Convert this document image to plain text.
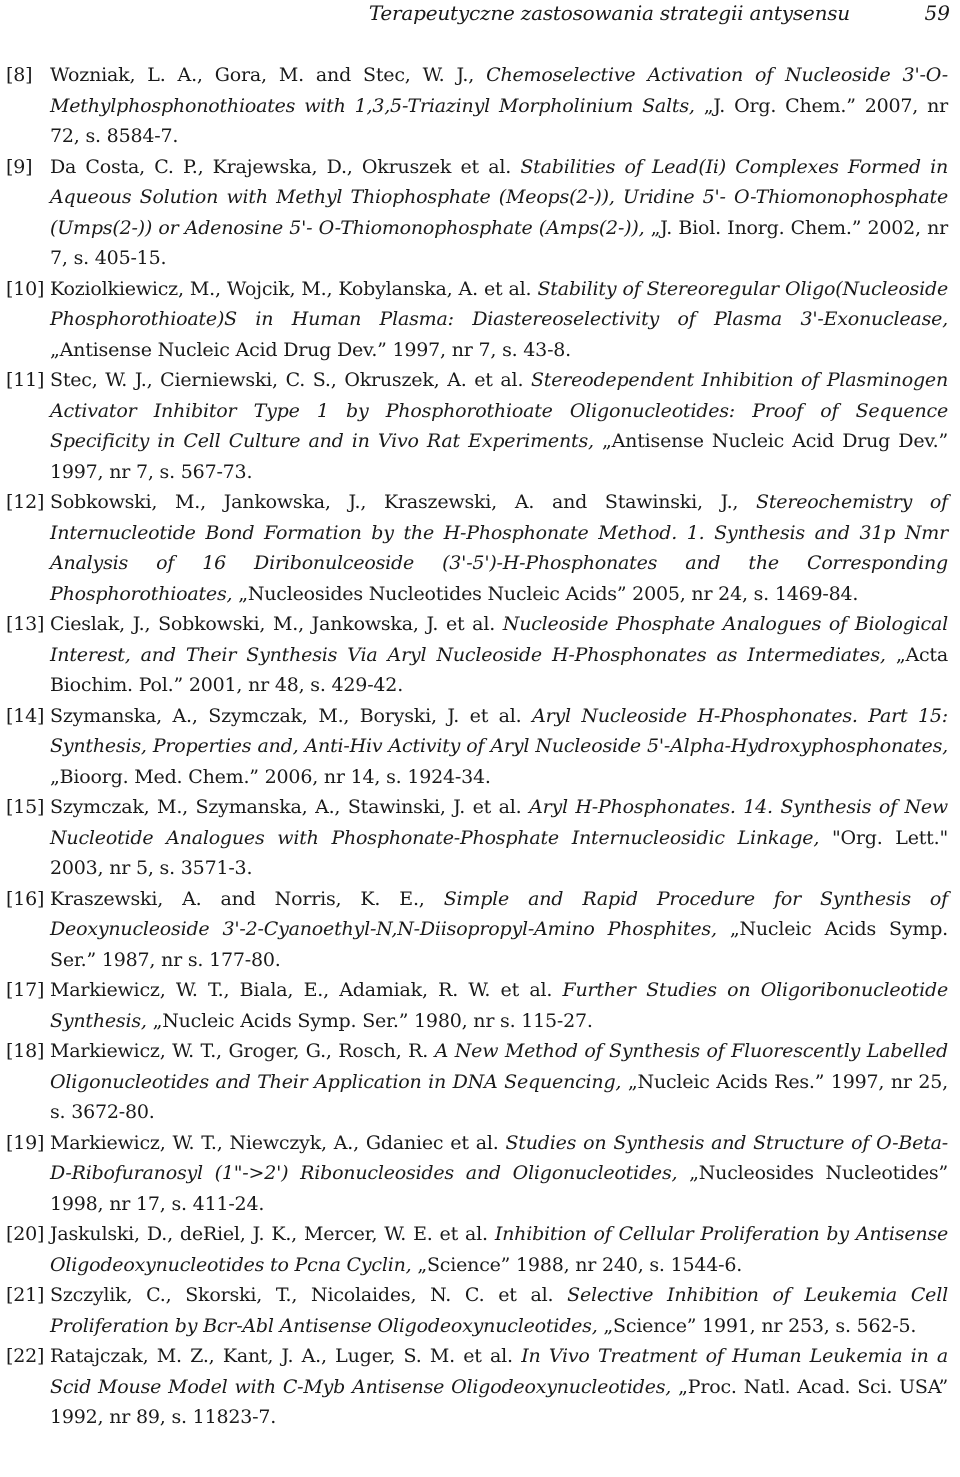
Terapeutyczne zastosowania strategii antysensu	59
[8] Wozniak, L. A., Gora, M. and Stec, W. J., Chemoselective Activation of Nucleoside 3'-O-Methylphosphonothioates with 1,3,5-Triazinyl Morpholinium Salts, „J. Org. Chem.” 2007, nr 72, s. 8584-7.
[9] Da Costa, C. P., Krajewska, D., Okruszek et al. Stabilities of Lead(Ii) Complexes Formed in Aqueous Solution with Methyl Thiophosphate (Meops(2-)), Uridine 5'- O-Thiomonophosphate (Umps(2-)) or Adenosine 5'- O-Thiomonophosphate (Amps(2-)), „J. Biol. Inorg. Chem.” 2002, nr 7, s. 405-15.
[10] Koziolkiewicz, M., Wojcik, M., Kobylanska, A. et al. Stability of Stereoregular Oligo(Nucleoside Phosphorothioate)S in Human Plasma: Diastereoselectivity of Plasma 3'-Exonuclease, „Antisense Nucleic Acid Drug Dev.” 1997, nr 7, s. 43-8.
[11] Stec, W. J., Cierniewski, C. S., Okruszek, A. et al. Stereodependent Inhibition of Plasminogen Activator Inhibitor Type 1 by Phosphorothioate Oligonucleotides: Proof of Sequence Specificity in Cell Culture and in Vivo Rat Experiments, „Antisense Nucleic Acid Drug Dev.” 1997, nr 7, s. 567-73.
[12] Sobkowski, M., Jankowska, J., Kraszewski, A. and Stawinski, J., Stereochemistry of Internucleotide Bond Formation by the H-Phosphonate Method. 1. Synthesis and 31p Nmr Analysis of 16 Diribonulceoside (3'-5')-H-Phosphonates and the Corresponding Phosphorothioates, „Nucleosides Nucleotides Nucleic Acids” 2005, nr 24, s. 1469-84.
[13] Cieslak, J., Sobkowski, M., Jankowska, J. et al. Nucleoside Phosphate Analogues of Biological Interest, and Their Synthesis Via Aryl Nucleoside H-Phosphonates as Intermediates, „Acta Biochim. Pol.” 2001, nr 48, s. 429-42.
[14] Szymanska, A., Szymczak, M., Boryski, J. et al. Aryl Nucleoside H-Phosphonates. Part 15: Synthesis, Properties and, Anti-Hiv Activity of Aryl Nucleoside 5'-Alpha-Hydroxyphosphonates, „Bioorg. Med. Chem.” 2006, nr 14, s. 1924-34.
[15] Szymczak, M., Szymanska, A., Stawinski, J. et al. Aryl H-Phosphonates. 14. Synthesis of New Nucleotide Analogues with Phosphonate-Phosphate Internucleosidic Linkage, "Org. Lett." 2003, nr 5, s. 3571-3.
[16] Kraszewski, A. and Norris, K. E., Simple and Rapid Procedure for Synthesis of Deoxynucleoside 3'-2-Cyanoethyl-N,N-Diisopropyl-Amino Phosphites, „Nucleic Acids Symp. Ser.” 1987, nr s. 177-80.
[17] Markiewicz, W. T., Biala, E., Adamiak, R. W. et al. Further Studies on Oligoribonucleotide Synthesis, „Nucleic Acids Symp. Ser.” 1980, nr s. 115-27.
[18] Markiewicz, W. T., Groger, G., Rosch, R. A New Method of Synthesis of Fluorescently Labelled Oligonucleotides and Their Application in DNA Sequencing, „Nucleic Acids Res.” 1997, nr 25, s. 3672-80.
[19] Markiewicz, W. T., Niewczyk, A., Gdaniec et al. Studies on Synthesis and Structure of O-Beta-D-Ribofuranosyl (1"->2') Ribonucleosides and Oligonucleotides, „Nucleosides Nucleotides” 1998, nr 17, s. 411-24.
[20] Jaskulski, D., deRiel, J. K., Mercer, W. E. et al. Inhibition of Cellular Proliferation by Antisense Oligodeoxynucleotides to Pcna Cyclin, „Science” 1988, nr 240, s. 1544-6.
[21] Szczylik, C., Skorski, T., Nicolaides, N. C. et al. Selective Inhibition of Leukemia Cell Proliferation by Bcr-Abl Antisense Oligodeoxynucleotides, „Science” 1991, nr 253, s. 562-5.
[22] Ratajczak, M. Z., Kant, J. A., Luger, S. M. et al. In Vivo Treatment of Human Leukemia in a Scid Mouse Model with C-Myb Antisense Oligodeoxynucleotides, „Proc. Natl. Acad. Sci. USA” 1992, nr 89, s. 11823-7.
